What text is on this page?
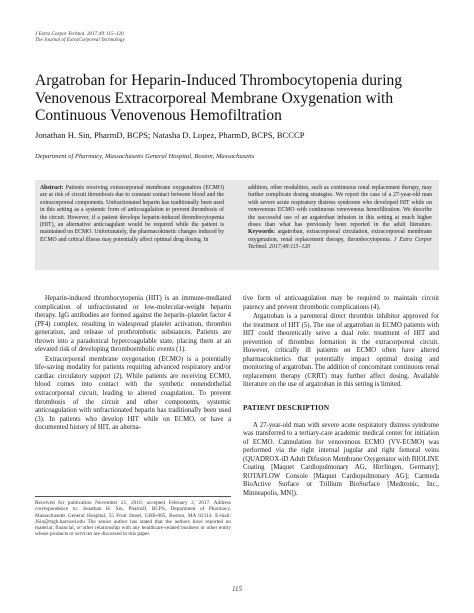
J Extra Corpor Technol. 2017;49:115–120
The Journal of ExtraCorporeal Technology
Argatroban for Heparin-Induced Thrombocytopenia during
Venovenous Extracorporeal Membrane Oxygenation with
Continuous Venovenous Hemofiltration
Jonathan H. Sin, PharmD, BCPS; Natasha D. Lopez, PharmD, BCPS, BCCCP
Department of Pharmacy, Massachusetts General Hospital, Boston, Massachusetts

Abstract: Patients receiving extracorporeal membrane oxygenation (ECMO) are at risk of circuit thrombosis due to constant contact between blood and the extracorporeal components. Unfractionated heparin has traditionally been used in this setting as a systemic form of anticoagulation to prevent thrombosis of the circuit. However, if a patient develops heparin-induced thrombocytopenia (HIT), an alternative anticoagulant would be required while the patient is maintained on ECMO. Unfortunately, the pharmacokinetic changes induced by ECMO and critical illness may potentially affect optimal drug dosing. In

addition, other modalities, such as continuous renal replacement therapy, may further complicate dosing strategies. We report the case of a 27-year-old man with severe acute respiratory distress syndrome who developed HIT while on venovenous ECMO with continuous venovenous hemofiltration. We describe the successful use of an argatroban infusion in this setting at much higher doses than what has previously been reported in the adult literature. Keywords: argatroban, extracorporeal circulation, extracorporeal membrane oxygenation, renal replacement therapy, thrombocytopenia. J Extra Corpor Technol. 2017;49:115–120

Heparin-induced thrombocytopenia (HIT) is an immune-mediated complication of unfractionated or low-molecular-weight heparin therapy. IgG antibodies are formed against the heparin–platelet factor 4 (PF4) complex, resulting in widespread platelet activation, thrombin generation, and release of prothrombotic substances. Patients are thrown into a paradoxical hypercoagulable state, placing them at an elevated risk of developing thromboembolic events (1).

Extracorporeal membrane oxygenation (ECMO) is a potentially life-saving modality for patients requiring advanced respiratory and/or cardiac circulatory support (2). While patients are receiving ECMO, blood comes into contact with the synthetic nonendothelial extracorporeal circuit, leading to altered coagulation. To prevent thrombosis of the circuit and other components, systemic anticoagulation with unfractionated heparin has traditionally been used (3). In patients who develop HIT while on ECMO, or have a documented history of HIT, an alterna-

tive form of anticoagulation may be required to maintain circuit patency and prevent thrombotic complications (4).

Argatroban is a parenteral direct thrombin inhibitor approved for the treatment of HIT (5). The use of argatroban in ECMO patients with HIT could theoretically serve a dual role: treatment of HIT and prevention of thrombus formation in the extracorporeal circuit. However, critically ill patients on ECMO often have altered pharmacokinetics that potentially impact optimal dosing and monitoring of argatroban. The addition of concomitant continuous renal replacement therapy (CRRT) may further affect dosing. Available literature on the use of argatroban in this setting is limited.

PATIENT DESCRIPTION

A 27-year-old man with severe acute respiratory distress syndrome was transferred to a tertiary-care academic medical center for initiation of ECMO. Cannulation for venovenous ECMO (VV-ECMO) was performed via the right internal jugular and right femoral veins (QUADROX-iD Adult Difusion Membrane Oxygenator with BIOLINE Coating [Maquet Cardiopulmonary AG, Hirrlingen, Germany]; ROTAFLOW Console [Maquet Cardiopulmonary AG]; Carmeda BioActive Surface or Trillium BioSurface [Medtronic, Inc., Minneapolis, MN]).

Received for publication November 21, 2016; accepted February 2, 2017. Address correspondence to: Jonathan H. Sin, PharmD, BCPS, Department of Pharmacy, Massachusetts General Hospital, 55 Fruit Street, GRB-005, Boston, MA 02114. E-mail: JSin@mgh.harvard.edu The senior author has stated that the authors have reported no material, financial, or other relationship with any healthcare-related business or other entity whose products or services are discussed in this paper.

115
